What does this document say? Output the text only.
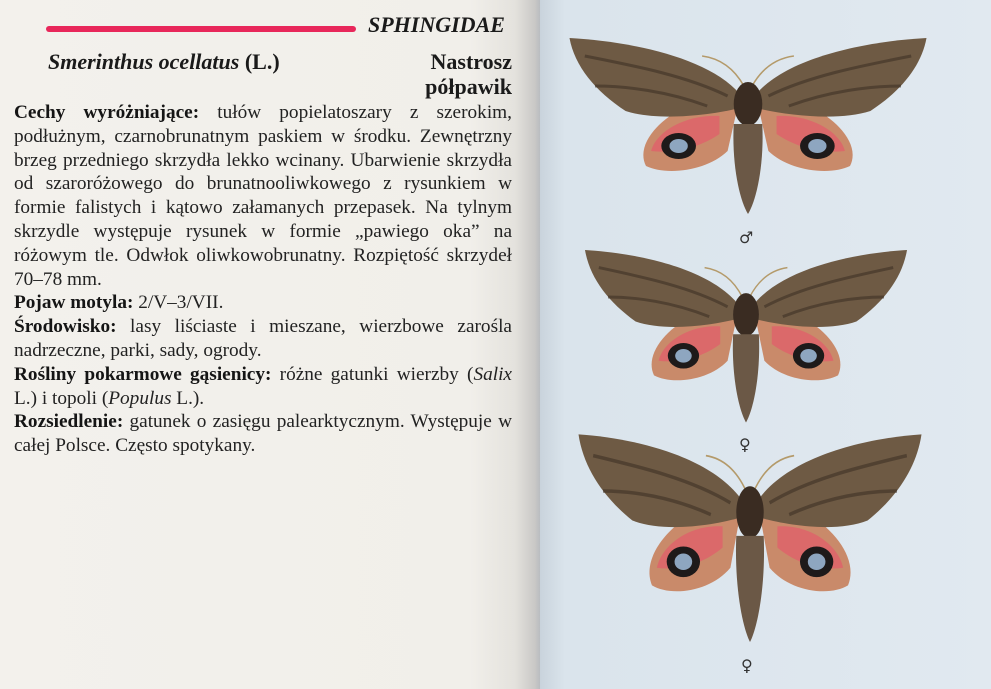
SPHINGIDAE
Smerinthus ocellatus (L.)	Nastrosz
półpawik

Cechy wyróżniające: tułów popielatoszary z szerokim, podłużnym, czarnobrunatnym paskiem w środku. Zewnętrzny brzeg przedniego skrzydła lekko wcinany. Ubarwienie skrzydła od szaroróżowego do brunatnooliwkowego z rysunkiem w formie falistych i kątowo załamanych przepasek. Na tylnym skrzydle występuje rysunek w formie „pawiego oka” na różowym tle. Odwłok oliwkowobrunatny. Rozpiętość skrzydeł 70–78 mm.

Pojaw motyla: 2/V–3/VII.

Środowisko: lasy liściaste i mieszane, wierzbowe zarośla nadrzeczne, parki, sady, ogrody.

Rośliny pokarmowe gąsienicy: różne gatunki wierzby (Salix L.) i topoli (Populus L.).

Rozsiedlenie: gatunek o zasięgu palearktycznym. Występuje w całej Polsce. Często spotykany.

♂
♀
♀
